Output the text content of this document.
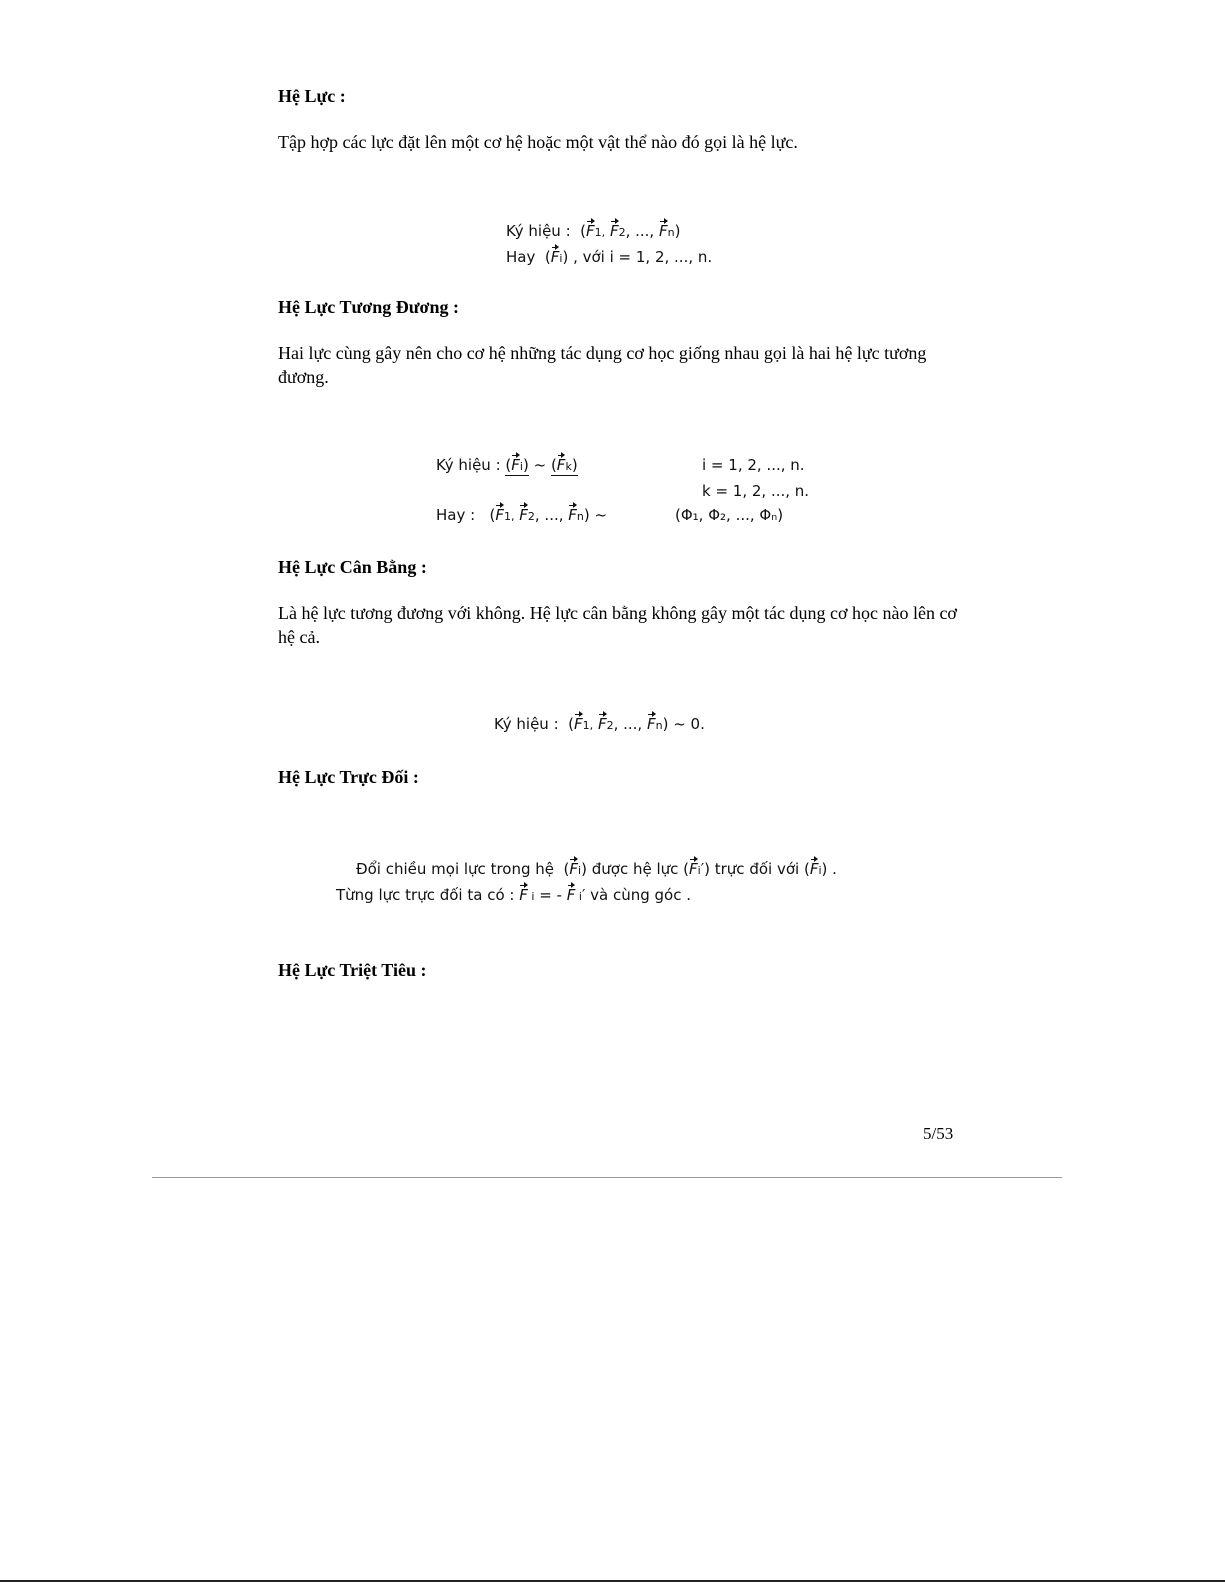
Hệ Lực :
Tập hợp các lực đặt lên một cơ hệ hoặc một vật thể nào đó gọi là hệ lực.
Ký hiệu :  (F1, F2, ..., Fn)
Hay  (Fi) , với i = 1, 2, ..., n.
Hệ Lực Tương Đương :
Hai lực cùng gây nên cho cơ hệ những tác dụng cơ học giống nhau gọi là hai hệ lực tương đương.
Ký hiệu : (Fi) ~ (Fk)	i = 1, 2, ..., n.
k = 1, 2, ..., n.
Hay :   (F1, F2, ..., Fn) ~	(Φ₁, Φ₂, ..., Φₙ)
Hệ Lực Cân Bằng :
Là hệ lực tương đương với không. Hệ lực cân bằng không gây một tác dụng cơ học nào lên cơ hệ cả.
Ký hiệu :  (F1, F2, ..., Fn) ~ 0.
Hệ Lực Trực Đối :
Đổi chiều mọi lực trong hệ  (Fi) được hệ lực (Fi′) trực đối với (Fi) .
Từng lực trực đối ta có : F i = - F i′ và cùng góc .
Hệ Lực Triệt Tiêu :
5/53
